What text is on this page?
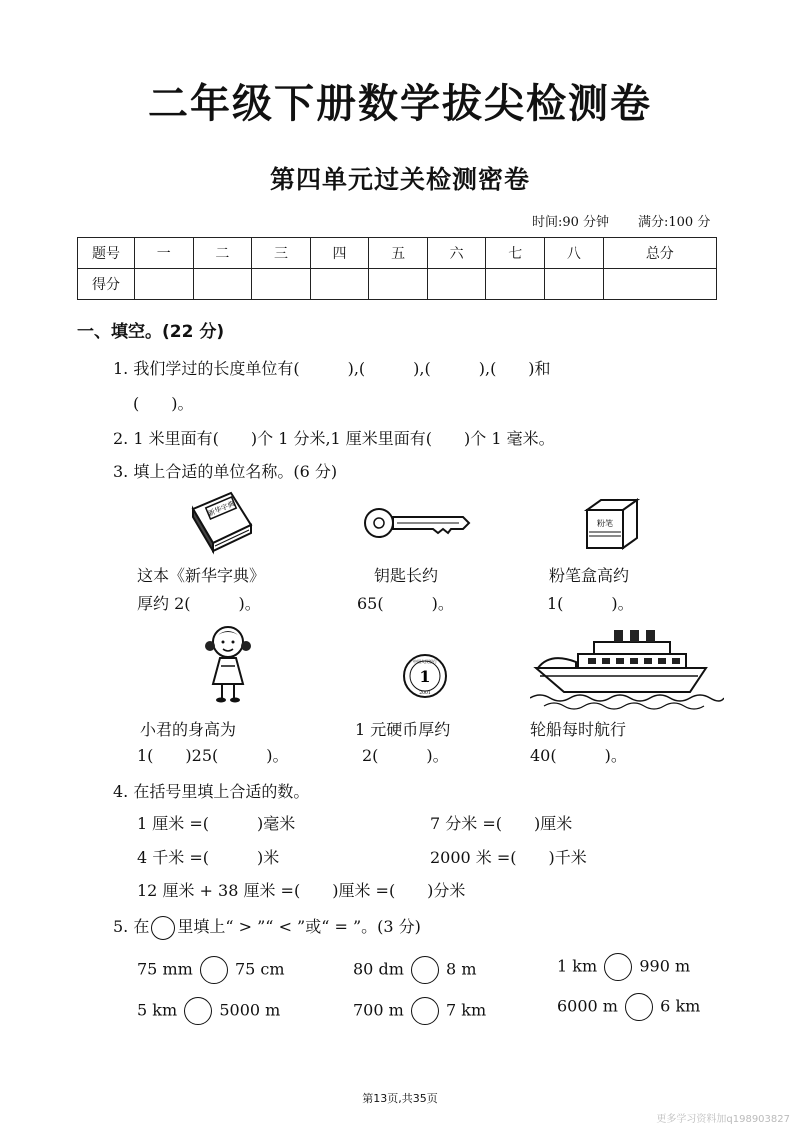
二年级下册数学拔尖检测卷
第四单元过关检测密卷
时间:90 分钟 满分:100 分
题号	一	二	三	四	五	六	七	八	总分
得分									
一、填空。(22 分)
1. 我们学过的长度单位有(　　　),(　　　),(　　　),(　　)和
(　　)。
2. 1 米里面有(　　)个 1 分米,1 厘米里面有(　　)个 1 毫米。
3. 填上合适的单位名称。(6 分)
新华字典
这本《新华字典》
厚约 2(　　　)。
钥匙长约
65(　　　)。
粉笔
粉笔盒高约
1(　　　)。
小君的身高为
1(　　)25(　　　)。
1
中国人民银行
2001
1 元硬币厚约
2(　　　)。
轮船每时航行
40(　　　)。
4. 在括号里填上合适的数。
1 厘米 =(　　　)毫米	7 分米 =(　　)厘米
4 千米 =(　　　)米	2000 米 =(　　)千米
12 厘米 + 38 厘米 =(　　)厘米 =(　　)分米
5. 在 里填上“ > ”“ < ”或“ = ”。(3 分)
75 mm	75 cm	80 dm	8 m	1 km	990 m
5 km	5000 m	700 m	7 km	6000 m	6 km
第13页,共35页
更多学习资料加q198903827
